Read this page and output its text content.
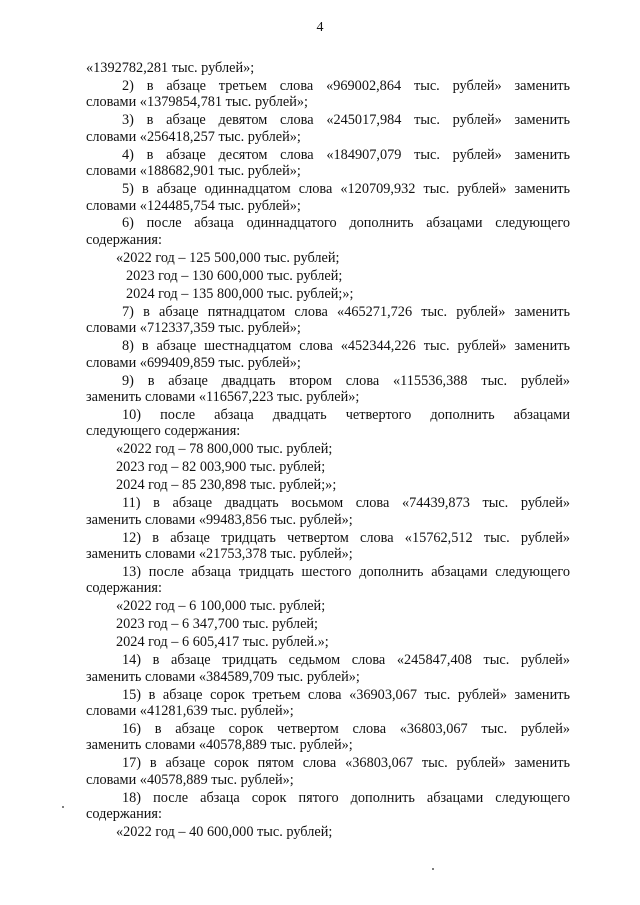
4
«1392782,281 тыс. рублей»;
2) в абзаце третьем слова «969002,864 тыс. рублей» заменить
словами «1379854,781 тыс. рублей»;
3) в абзаце девятом слова «245017,984 тыс. рублей» заменить
словами «256418,257 тыс. рублей»;
4) в абзаце десятом слова «184907,079 тыс. рублей» заменить
словами «188682,901 тыс. рублей»;
5) в абзаце одиннадцатом слова «120709,932 тыс. рублей» заменить
словами «124485,754 тыс. рублей»;
6) после абзаца одиннадцатого дополнить абзацами следующего
содержания:
«2022 год – 125 500,000 тыс. рублей;
2023 год – 130 600,000 тыс. рублей;
2024 год – 135 800,000 тыс. рублей;»;
7) в абзаце пятнадцатом слова «465271,726 тыс. рублей» заменить
словами «712337,359 тыс. рублей»;
8) в абзаце шестнадцатом слова «452344,226 тыс. рублей» заменить
словами «699409,859 тыс. рублей»;
9) в абзаце двадцать втором слова «115536,388 тыс. рублей»
заменить словами «116567,223 тыс. рублей»;
10) после абзаца двадцать четвертого дополнить абзацами
следующего содержания:
«2022 год – 78 800,000 тыс. рублей;
2023 год – 82 003,900 тыс. рублей;
2024 год – 85 230,898 тыс. рублей;»;
11) в абзаце двадцать восьмом слова «74439,873 тыс. рублей»
заменить словами «99483,856 тыс. рублей»;
12) в абзаце тридцать четвертом слова «15762,512 тыс. рублей»
заменить словами «21753,378 тыс. рублей»;
13) после абзаца тридцать шестого дополнить абзацами следующего
содержания:
«2022 год – 6 100,000 тыс. рублей;
2023 год – 6 347,700 тыс. рублей;
2024 год – 6 605,417 тыс. рублей.»;
14) в абзаце тридцать седьмом слова «245847,408 тыс. рублей»
заменить словами «384589,709 тыс. рублей»;
15) в абзаце сорок третьем слова «36903,067 тыс. рублей» заменить
словами «41281,639 тыс. рублей»;
16) в абзаце сорок четвертом слова «36803,067 тыс. рублей»
заменить словами «40578,889 тыс. рублей»;
17) в абзаце сорок пятом слова «36803,067 тыс. рублей» заменить
словами «40578,889 тыс. рублей»;
18) после абзаца сорок пятого дополнить абзацами следующего
содержания:
«2022 год – 40 600,000 тыс. рублей;
